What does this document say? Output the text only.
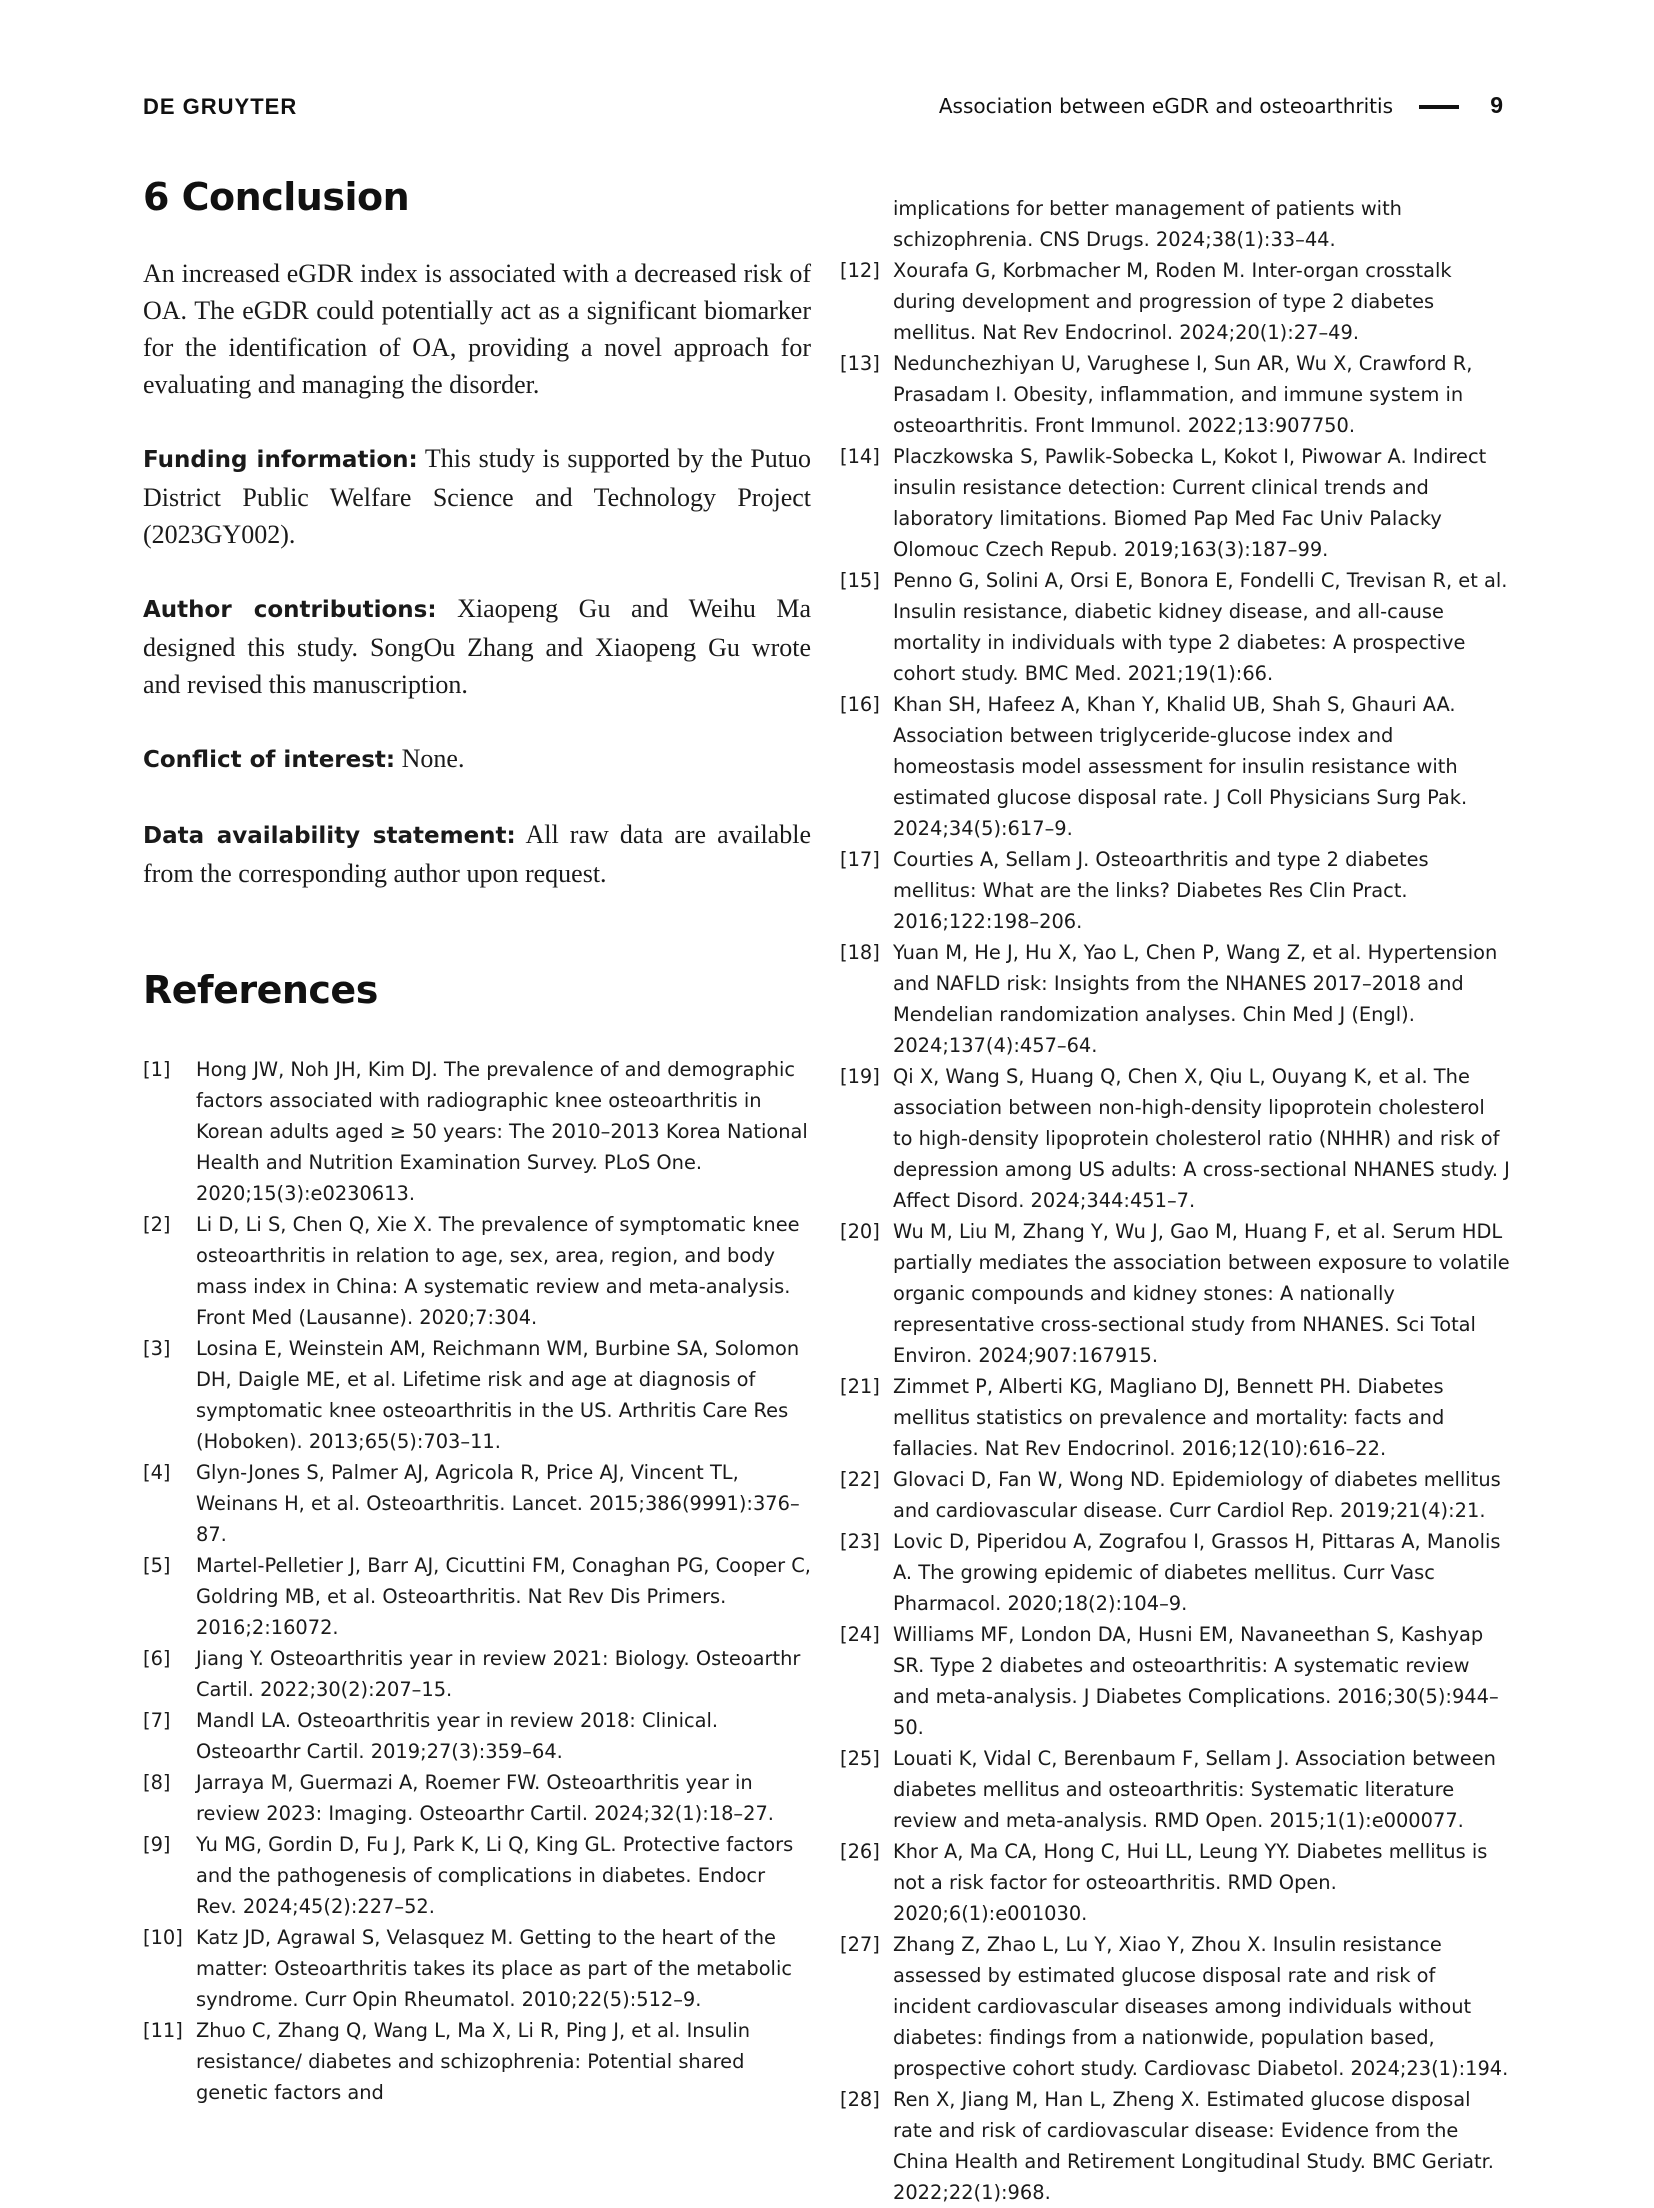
DE GRUYTER	Association between eGDR and osteoarthritis	9
6 Conclusion

An increased eGDR index is associated with a decreased risk of OA. The eGDR could potentially act as a significant biomarker for the identification of OA, providing a novel approach for evaluating and managing the disorder.

Funding information: This study is supported by the Putuo District Public Welfare Science and Technology Project (2023GY002).

Author contributions: Xiaopeng Gu and Weihu Ma designed this study. SongOu Zhang and Xiaopeng Gu wrote and revised this manuscription.

Conflict of interest: None.

Data availability statement: All raw data are available from the corresponding author upon request.

References
[1]	Hong JW, Noh JH, Kim DJ. The prevalence of and demographic factors associated with radiographic knee osteoarthritis in Korean adults aged ≥ 50 years: The 2010–2013 Korea National Health and Nutrition Examination Survey. PLoS One. 2020;15(3):e0230613.
[2]	Li D, Li S, Chen Q, Xie X. The prevalence of symptomatic knee osteoarthritis in relation to age, sex, area, region, and body mass index in China: A systematic review and meta-analysis. Front Med (Lausanne). 2020;7:304.
[3]	Losina E, Weinstein AM, Reichmann WM, Burbine SA, Solomon DH, Daigle ME, et al. Lifetime risk and age at diagnosis of symptomatic knee osteoarthritis in the US. Arthritis Care Res (Hoboken). 2013;65(5):703–11.
[4]	Glyn-Jones S, Palmer AJ, Agricola R, Price AJ, Vincent TL, Weinans H, et al. Osteoarthritis. Lancet. 2015;386(9991):376–87.
[5]	Martel-Pelletier J, Barr AJ, Cicuttini FM, Conaghan PG, Cooper C, Goldring MB, et al. Osteoarthritis. Nat Rev Dis Primers. 2016;2:16072.
[6]	Jiang Y. Osteoarthritis year in review 2021: Biology. Osteoarthr Cartil. 2022;30(2):207–15.
[7]	Mandl LA. Osteoarthritis year in review 2018: Clinical. Osteoarthr Cartil. 2019;27(3):359–64.
[8]	Jarraya M, Guermazi A, Roemer FW. Osteoarthritis year in review 2023: Imaging. Osteoarthr Cartil. 2024;32(1):18–27.
[9]	Yu MG, Gordin D, Fu J, Park K, Li Q, King GL. Protective factors and the pathogenesis of complications in diabetes. Endocr Rev. 2024;45(2):227–52.
[10] Katz JD, Agrawal S, Velasquez M. Getting to the heart of the matter: Osteoarthritis takes its place as part of the metabolic syndrome. Curr Opin Rheumatol. 2010;22(5):512–9.
[11] Zhuo C, Zhang Q, Wang L, Ma X, Li R, Ping J, et al. Insulin resistance/ diabetes and schizophrenia: Potential shared genetic factors and
implications for better management of patients with schizophrenia. CNS Drugs. 2024;38(1):33–44.
[12] Xourafa G, Korbmacher M, Roden M. Inter-organ crosstalk during development and progression of type 2 diabetes mellitus. Nat Rev Endocrinol. 2024;20(1):27–49.
[13] Nedunchezhiyan U, Varughese I, Sun AR, Wu X, Crawford R, Prasadam I. Obesity, inflammation, and immune system in osteoarthritis. Front Immunol. 2022;13:907750.
[14] Placzkowska S, Pawlik-Sobecka L, Kokot I, Piwowar A. Indirect insulin resistance detection: Current clinical trends and laboratory limitations. Biomed Pap Med Fac Univ Palacky Olomouc Czech Repub. 2019;163(3):187–99.
[15] Penno G, Solini A, Orsi E, Bonora E, Fondelli C, Trevisan R, et al. Insulin resistance, diabetic kidney disease, and all-cause mortality in individuals with type 2 diabetes: A prospective cohort study. BMC Med. 2021;19(1):66.
[16] Khan SH, Hafeez A, Khan Y, Khalid UB, Shah S, Ghauri AA. Association between triglyceride-glucose index and homeostasis model assessment for insulin resistance with estimated glucose disposal rate. J Coll Physicians Surg Pak. 2024;34(5):617–9.
[17] Courties A, Sellam J. Osteoarthritis and type 2 diabetes mellitus: What are the links? Diabetes Res Clin Pract. 2016;122:198–206.
[18] Yuan M, He J, Hu X, Yao L, Chen P, Wang Z, et al. Hypertension and NAFLD risk: Insights from the NHANES 2017–2018 and Mendelian randomization analyses. Chin Med J (Engl). 2024;137(4):457–64.
[19] Qi X, Wang S, Huang Q, Chen X, Qiu L, Ouyang K, et al. The association between non-high-density lipoprotein cholesterol to high-density lipoprotein cholesterol ratio (NHHR) and risk of depression among US adults: A cross-sectional NHANES study. J Affect Disord. 2024;344:451–7.
[20] Wu M, Liu M, Zhang Y, Wu J, Gao M, Huang F, et al. Serum HDL partially mediates the association between exposure to volatile organic compounds and kidney stones: A nationally representative cross-sectional study from NHANES. Sci Total Environ. 2024;907:167915.
[21] Zimmet P, Alberti KG, Magliano DJ, Bennett PH. Diabetes mellitus statistics on prevalence and mortality: facts and fallacies. Nat Rev Endocrinol. 2016;12(10):616–22.
[22] Glovaci D, Fan W, Wong ND. Epidemiology of diabetes mellitus and cardiovascular disease. Curr Cardiol Rep. 2019;21(4):21.
[23] Lovic D, Piperidou A, Zografou I, Grassos H, Pittaras A, Manolis A. The growing epidemic of diabetes mellitus. Curr Vasc Pharmacol. 2020;18(2):104–9.
[24] Williams MF, London DA, Husni EM, Navaneethan S, Kashyap SR. Type 2 diabetes and osteoarthritis: A systematic review and meta-analysis. J Diabetes Complications. 2016;30(5):944–50.
[25] Louati K, Vidal C, Berenbaum F, Sellam J. Association between diabetes mellitus and osteoarthritis: Systematic literature review and meta-analysis. RMD Open. 2015;1(1):e000077.
[26] Khor A, Ma CA, Hong C, Hui LL, Leung YY. Diabetes mellitus is not a risk factor for osteoarthritis. RMD Open. 2020;6(1):e001030.
[27] Zhang Z, Zhao L, Lu Y, Xiao Y, Zhou X. Insulin resistance assessed by estimated glucose disposal rate and risk of incident cardiovascular diseases among individuals without diabetes: findings from a nationwide, population based, prospective cohort study. Cardiovasc Diabetol. 2024;23(1):194.
[28] Ren X, Jiang M, Han L, Zheng X. Estimated glucose disposal rate and risk of cardiovascular disease: Evidence from the China Health and Retirement Longitudinal Study. BMC Geriatr. 2022;22(1):968.
